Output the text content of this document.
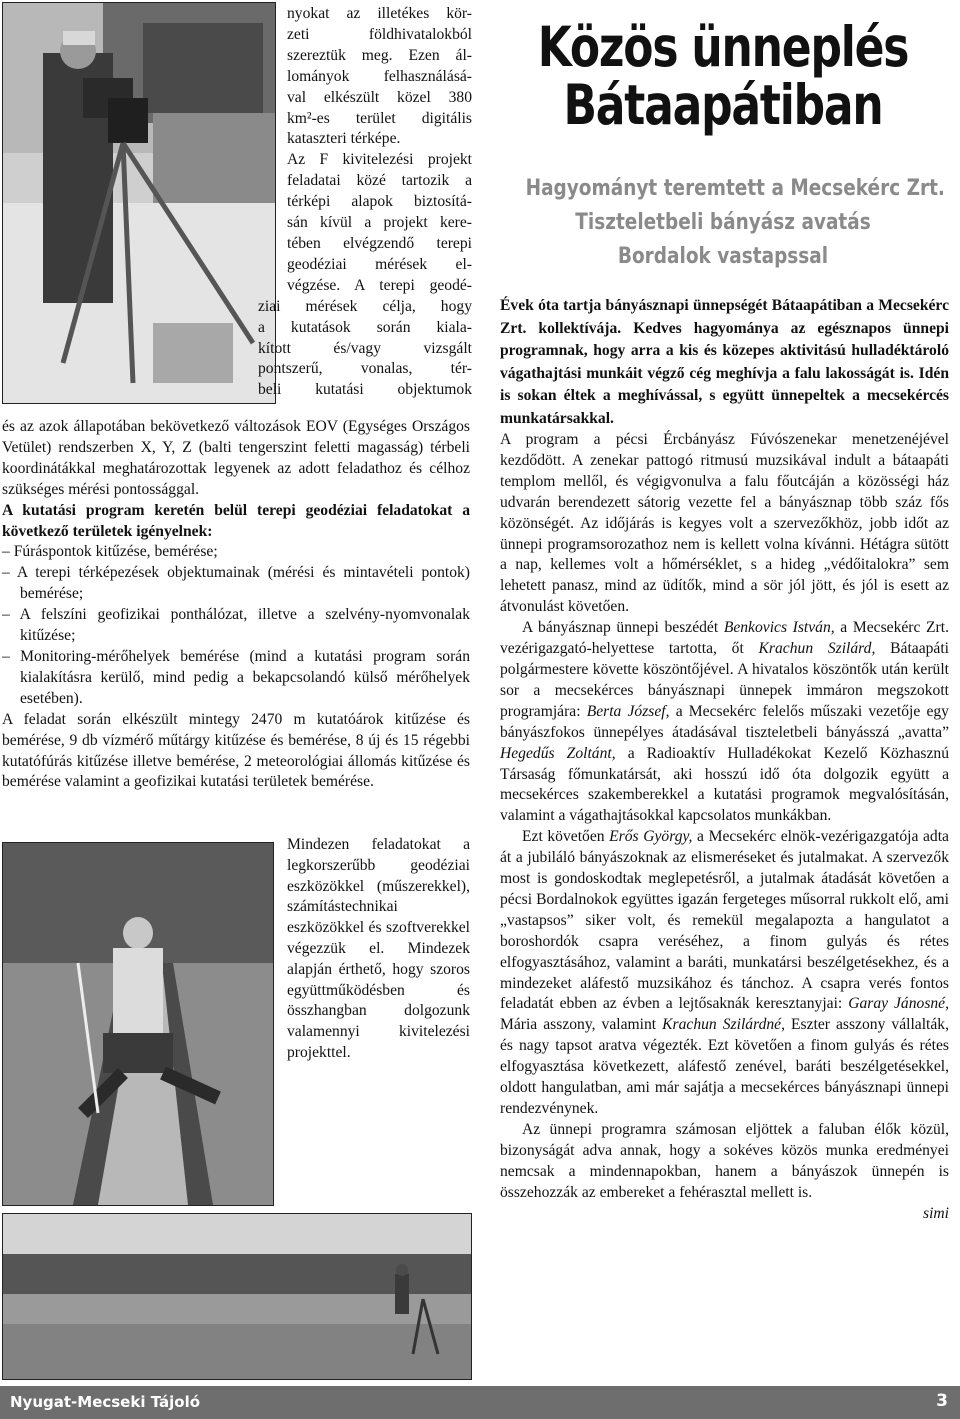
nyokat az illetékes kör-
zeti földhivatalokból
szereztük meg. Ezen ál-
lományok felhasználásá-
val elkészült közel 380
km²-es terület digitális
kataszteri térképe.
Az F kivitelezési projekt
feladatai közé tartozik a
térképi alapok biztosítá-
sán kívül a projekt kere-
tében elvégzendő terepi
geodéziai mérések el-
végzése. A terepi geodé-
ziai mérések célja, hogy
a kutatások során kiala-
kított és/vagy vizsgált
pontszerű, vonalas, tér-
beli kutatási objektumok

és az azok állapotában bekövetkező változások EOV (Egységes Országos Vetület) rendszerben X, Y, Z (balti tengerszint feletti magasság) térbeli koordinátákkal meghatározottak legyenek az adott feladathoz és célhoz szükséges mérési pontossággal.

A kutatási program keretén belül terepi geodéziai feladatokat a következő területek igényelnek:

– Fúráspontok kitűzése, bemérése;
– A terepi térképezések objektumainak (mérési és mintavételi pontok) bemérése;
– A felszíni geofizikai ponthálózat, illetve a szelvény-nyomvonalak kitűzése;
– Monitoring-mérőhelyek bemérése (mind a kutatási program során kialakításra kerülő, mind pedig a bekapcsolandó külső mérőhelyek esetében).

A feladat során elkészült mintegy 2470 m kutatóárok kitűzése és bemérése, 9 db vízmérő műtárgy kitűzése és bemérése, 8 új és 15 régebbi kutatófúrás kitűzése illetve bemérése, 2 meteorológiai állomás kitűzése és bemérése valamint a geofizikai kutatási területek bemérése.

Mindezen feladatokat a legkorszerűbb geodéziai eszközökkel (műszerekkel), számítástechnikai eszközökkel és szoftverekkel végezzük el. Mindezek alapján érthető, hogy szoros együttműködésben és összhangban dolgozunk valamennyi kivitelezési projekttel.

Közös ünneplés
Bátaapátiban
Hagyományt teremtett a Mecsekérc Zrt.
Tiszteletbeli bányász avatás
Bordalok vastapssal

Évek óta tartja bányásznapi ünnepségét Bátaapátiban a Mecsekérc Zrt. kollektívája. Kedves hagyománya az egésznapos ünnepi programnak, hogy arra a kis és közepes aktivitású hulladéktároló vágathajtási munkáit végző cég meghívja a falu lakosságát is. Idén is sokan éltek a meghívással, s együtt ünnepeltek a mecsekércés munkatársakkal.

A program a pécsi Ércbányász Fúvószenekar menetzenéjével kezdődött. A zenekar pattogó ritmusú muzsikával indult a bátaapáti templom mellől, és végigvonulva a falu főutcáján a közösségi ház udvarán berendezett sátorig vezette fel a bányásznap több száz fős közönségét. Az időjárás is kegyes volt a szervezőkhöz, jobb időt az ünnepi programsorozathoz nem is kellett volna kívánni. Hétágra sütött a nap, kellemes volt a hőmérséklet, s a hideg „védőitalokra” sem lehetett panasz, mind az üdítők, mind a sör jól jött, és jól is esett az átvonulást követően.

A bányásznap ünnepi beszédét Benkovics István, a Mecsekérc Zrt. vezérigazgató-helyettese tartotta, őt Krachun Szilárd, Bátaapáti polgármestere követte köszöntőjével. A hivatalos köszöntők után került sor a mecsekérces bányásznapi ünnepek immáron megszokott programjára: Berta József, a Mecsekérc felelős műszaki vezetője egy bányászfokos ünnepélyes átadásával tiszteletbeli bányásszá „avatta” Hegedűs Zoltánt, a Radioaktív Hulladékokat Kezelő Közhasznú Társaság főmunkatársát, aki hosszú idő óta dolgozik együtt a mecsekérces szakemberekkel a kutatási programok megvalósításán, valamint a vágathajtásokkal kapcsolatos munkákban.

Ezt követően Erős György, a Mecsekérc elnök-vezérigazgatója adta át a jubiláló bányászoknak az elismeréseket és jutalmakat. A szervezők most is gondoskodtak meglepetésről, a jutalmak átadását követően a pécsi Bordalnokok együttes igazán fergeteges műsorral rukkolt elő, ami „vastapsos” siker volt, és remekül megalapozta a hangulatot a boroshordók csapra veréséhez, a finom gulyás és rétes elfogyasztásához, valamint a baráti, munkatársi beszélgetésekhez, és a mindezeket aláfestő muzsikához és tánchoz. A csapra verés fontos feladatát ebben az évben a lejtősaknák keresztanyjai: Garay Jánosné, Mária asszony, valamint Krachun Szilárdné, Eszter asszony vállalták, és nagy tapsot aratva végezték. Ezt követően a finom gulyás és rétes elfogyasztása következett, aláfestő zenével, baráti beszélgetésekkel, oldott hangulatban, ami már sajátja a mecsekérces bányásznapi ünnepi rendezvénynek.

Az ünnepi programra számosan eljöttek a faluban élők közül, bizonyságát adva annak, hogy a sokéves közös munka eredményei nemcsak a mindennapokban, hanem a bányászok ünnepén is összehozzák az embereket a fehérasztal mellett is.

simi

Nyugat-Mecseki Tájoló	3
